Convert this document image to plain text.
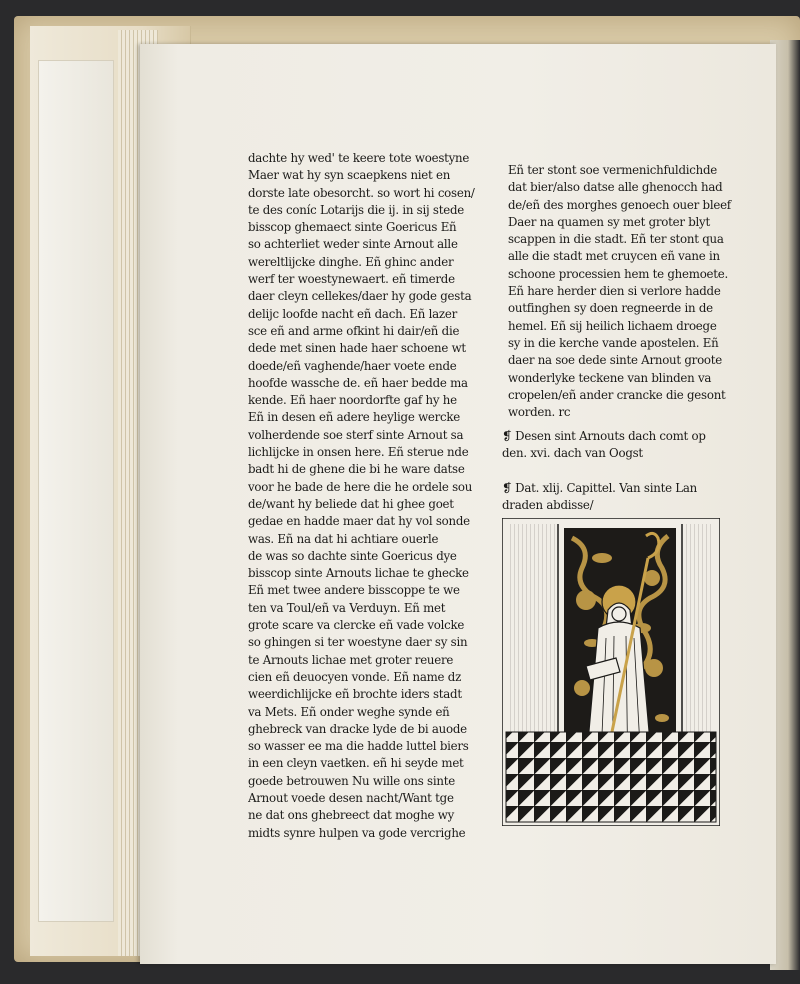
dachte hy wed' te keere tote woestyne
Maer wat hy syn scaepkens niet en
dorste late obesorcht. so wort hi cosen/
te des coníc Lotarijs die ij. in sij stede
bisscop ghemaect sinte Goericus Eñ
so achterliet weder sinte Arnout alle
wereltlijcke dinghe. Eñ ghinc ander
werf ter woestynewaert. eñ timerde
daer cleyn cellekes/daer hy gode gesta
delijc loofde nacht eñ dach. Eñ lazer
sce eñ and arme ofkint hi dair/eñ die
dede met sinen hade haer schoene wt
doede/eñ vaghende/haer voete ende
hoofde wassche de. eñ haer bedde ma
kende. Eñ haer noordorfte gaf hy he
Eñ in desen eñ adere heylige wercke
volherdende soe sterf sinte Arnout sa
lichlijcke in onsen here. Eñ sterue nde
badt hi de ghene die bi he ware datse
voor he bade de here die he ordele sou
de/want hy beliede dat hi ghee goet
gedae en hadde maer dat hy vol sonde
was. Eñ na dat hi achtiare ouerle
de was so dachte sinte Goericus dye
bisscop sinte Arnouts lichae te ghecke
Eñ met twee andere bisscoppe te we
ten va Toul/eñ va Verduyn. Eñ met
grote scare va clercke eñ vade volcke
so ghingen si ter woestyne daer sy sin
te Arnouts lichae met groter reuere
cien eñ deuocyen vonde. Eñ name dz
weerdichlijcke eñ brochte iders stadt
va Mets. Eñ onder weghe synde eñ
ghebreck van dracke lyde de bi auode
so wasser ee ma die hadde luttel biers
in een cleyn vaetken. eñ hi seyde met
goede betrouwen Nu wille ons sinte
Arnout voede desen nacht/Want tge
ne dat ons ghebreect dat moghe wy
midts synre hulpen va gode vercrighe
Eñ ter stont soe vermenichfuldichde
dat bier/also datse alle ghenocch had
de/eñ des morghes genoech ouer bleef
Daer na quamen sy met groter blyt
scappen in die stadt. Eñ ter stont qua
alle die stadt met cruycen eñ vane in
schoone processien hem te ghemoete.
Eñ hare herder dien si verlore hadde
outfinghen sy doen regneerde in de
hemel. Eñ sij heilich lichaem droege
sy in die kerche vande apostelen. Eñ
daer na soe dede sinte Arnout groote
wonderlyke teckene van blinden va
cropelen/eñ ander crancke die gesont
worden. rc
❡ Desen sint Arnouts dach comt op
den. xvi. dach van Oogst
❡ Dat. xlij. Capittel. Van sinte Lan
draden abdisse/
